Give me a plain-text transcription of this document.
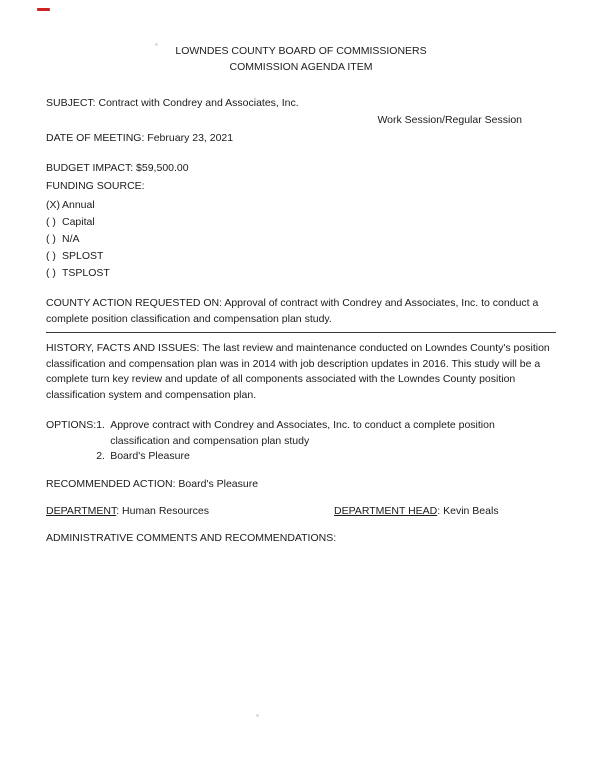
LOWNDES COUNTY BOARD OF COMMISSIONERS
COMMISSION AGENDA ITEM
SUBJECT: Contract with Condrey and Associates, Inc.
Work Session/Regular Session
DATE OF MEETING: February 23, 2021
BUDGET IMPACT: $59,500.00
FUNDING SOURCE:
(X) Annual
( ) Capital
( ) N/A
( ) SPLOST
( ) TSPLOST
COUNTY ACTION REQUESTED ON: Approval of contract with Condrey and Associates, Inc. to conduct a complete position classification and compensation plan study.
HISTORY, FACTS AND ISSUES: The last review and maintenance conducted on Lowndes County's position classification and compensation plan was in 2014 with job description updates in 2016. This study will be a complete turn key review and update of all components associated with the Lowndes County position classification system and compensation plan.
OPTIONS: 1. Approve contract with Condrey and Associates, Inc. to conduct a complete position classification and compensation plan study
2. Board's Pleasure
RECOMMENDED ACTION: Board's Pleasure
DEPARTMENT: Human Resources	DEPARTMENT HEAD: Kevin Beals
ADMINISTRATIVE COMMENTS AND RECOMMENDATIONS:
